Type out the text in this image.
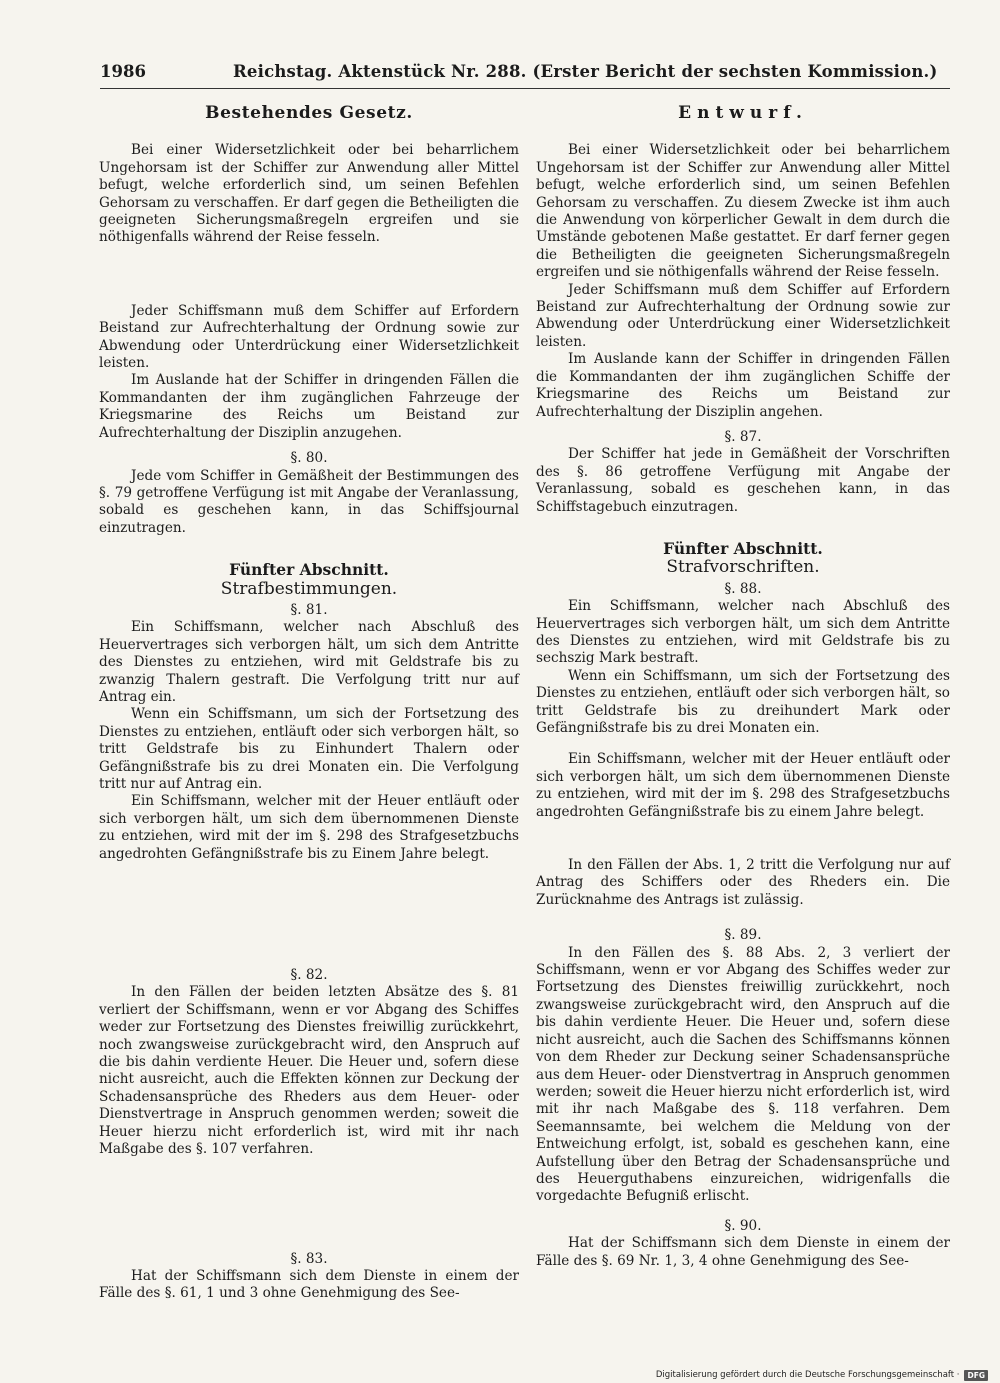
1986	Reichstag. Aktenstück Nr. 288. (Erster Bericht der sechsten Kommission.)
Bestehendes Gesetz.

Bei einer Widersetzlichkeit oder bei beharrlichem Ungehorsam ist der Schiffer zur Anwendung aller Mittel befugt, welche erforderlich sind, um seinen Befehlen Gehorsam zu verschaffen. Er darf gegen die Betheiligten die geeigneten Sicherungsmaßregeln ergreifen und sie nöthigenfalls während der Reise fesseln.

Jeder Schiffsmann muß dem Schiffer auf Erfordern Beistand zur Aufrechterhaltung der Ordnung sowie zur Abwendung oder Unterdrückung einer Widersetzlichkeit leisten.

Im Auslande hat der Schiffer in dringenden Fällen die Kommandanten der ihm zugänglichen Fahrzeuge der Kriegsmarine des Reichs um Beistand zur Aufrechterhaltung der Disziplin anzugehen.

§. 80.

Jede vom Schiffer in Gemäßheit der Bestimmungen des §. 79 getroffene Verfügung ist mit Angabe der Veranlassung, sobald es geschehen kann, in das Schiffsjournal einzutragen.

Fünfter Abschnitt.

Strafbestimmungen.

§. 81.

Ein Schiffsmann, welcher nach Abschluß des Heuervertrages sich verborgen hält, um sich dem Antritte des Dienstes zu entziehen, wird mit Geldstrafe bis zu zwanzig Thalern gestraft. Die Verfolgung tritt nur auf Antrag ein.

Wenn ein Schiffsmann, um sich der Fortsetzung des Dienstes zu entziehen, entläuft oder sich verborgen hält, so tritt Geldstrafe bis zu Einhundert Thalern oder Gefängnißstrafe bis zu drei Monaten ein. Die Verfolgung tritt nur auf Antrag ein.

Ein Schiffsmann, welcher mit der Heuer entläuft oder sich verborgen hält, um sich dem übernommenen Dienste zu entziehen, wird mit der im §. 298 des Strafgesetzbuchs angedrohten Gefängnißstrafe bis zu Einem Jahre belegt.

§. 82.

In den Fällen der beiden letzten Absätze des §. 81 verliert der Schiffsmann, wenn er vor Abgang des Schiffes weder zur Fortsetzung des Dienstes freiwillig zurückkehrt, noch zwangsweise zurückgebracht wird, den Anspruch auf die bis dahin verdiente Heuer. Die Heuer und, sofern diese nicht ausreicht, auch die Effekten können zur Deckung der Schadensansprüche des Rheders aus dem Heuer- oder Dienstvertrage in Anspruch genommen werden; soweit die Heuer hierzu nicht erforderlich ist, wird mit ihr nach Maßgabe des §. 107 verfahren.

§. 83.

Hat der Schiffsmann sich dem Dienste in einem der Fälle des §. 61, 1 und 3 ohne Genehmigung des See-

Entwurf.

Bei einer Widersetzlichkeit oder bei beharrlichem Ungehorsam ist der Schiffer zur Anwendung aller Mittel befugt, welche erforderlich sind, um seinen Befehlen Gehorsam zu verschaffen. Zu diesem Zwecke ist ihm auch die Anwendung von körperlicher Gewalt in dem durch die Umstände gebotenen Maße gestattet. Er darf ferner gegen die Betheiligten die geeigneten Sicherungsmaßregeln ergreifen und sie nöthigenfalls während der Reise fesseln.

Jeder Schiffsmann muß dem Schiffer auf Erfordern Beistand zur Aufrechterhaltung der Ordnung sowie zur Abwendung oder Unterdrückung einer Widersetzlichkeit leisten.

Im Auslande kann der Schiffer in dringenden Fällen die Kommandanten der ihm zugänglichen Schiffe der Kriegsmarine des Reichs um Beistand zur Aufrechterhaltung der Disziplin angehen.

§. 87.

Der Schiffer hat jede in Gemäßheit der Vorschriften des §. 86 getroffene Verfügung mit Angabe der Veranlassung, sobald es geschehen kann, in das Schiffstagebuch einzutragen.

Fünfter Abschnitt.

Strafvorschriften.

§. 88.

Ein Schiffsmann, welcher nach Abschluß des Heuervertrages sich verborgen hält, um sich dem Antritte des Dienstes zu entziehen, wird mit Geldstrafe bis zu sechszig Mark bestraft.

Wenn ein Schiffsmann, um sich der Fortsetzung des Dienstes zu entziehen, entläuft oder sich verborgen hält, so tritt Geldstrafe bis zu dreihundert Mark oder Gefängnißstrafe bis zu drei Monaten ein.

Ein Schiffsmann, welcher mit der Heuer entläuft oder sich verborgen hält, um sich dem übernommenen Dienste zu entziehen, wird mit der im §. 298 des Strafgesetzbuchs angedrohten Gefängnißstrafe bis zu einem Jahre belegt.

In den Fällen der Abs. 1, 2 tritt die Verfolgung nur auf Antrag des Schiffers oder des Rheders ein. Die Zurücknahme des Antrags ist zulässig.

§. 89.

In den Fällen des §. 88 Abs. 2, 3 verliert der Schiffsmann, wenn er vor Abgang des Schiffes weder zur Fortsetzung des Dienstes freiwillig zurückkehrt, noch zwangsweise zurückgebracht wird, den Anspruch auf die bis dahin verdiente Heuer. Die Heuer und, sofern diese nicht ausreicht, auch die Sachen des Schiffsmanns können von dem Rheder zur Deckung seiner Schadensansprüche aus dem Heuer- oder Dienstvertrag in Anspruch genommen werden; soweit die Heuer hierzu nicht erforderlich ist, wird mit ihr nach Maßgabe des §. 118 verfahren. Dem Seemannsamte, bei welchem die Meldung von der Entweichung erfolgt, ist, sobald es geschehen kann, eine Aufstellung über den Betrag der Schadensansprüche und des Heuerguthabens einzureichen, widrigenfalls die vorgedachte Befugniß erlischt.

§. 90.

Hat der Schiffsmann sich dem Dienste in einem der Fälle des §. 69 Nr. 1, 3, 4 ohne Genehmigung des See-

Digitalisierung gefördert durch die Deutsche Forschungsgemeinschaft ·	DFG
